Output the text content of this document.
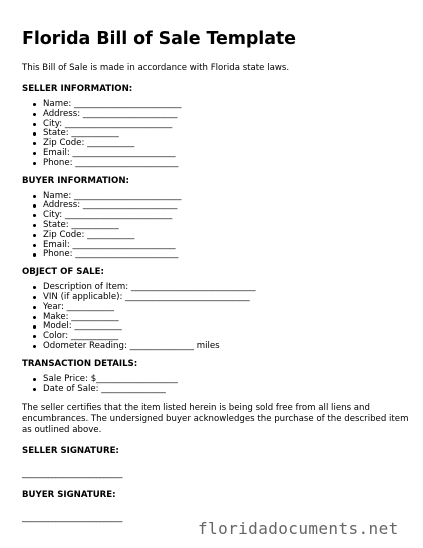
Florida Bill of Sale Template
This Bill of Sale is made in accordance with Florida state laws.
SELLER INFORMATION:
Name: _________________________
Address: ______________________
City: _________________________
State: ___________
Zip Code: ___________
Email: ________________________
Phone: ________________________
BUYER INFORMATION:
Name: _________________________
Address: ______________________
City: _________________________
State: ___________
Zip Code: ___________
Email: ________________________
Phone: ________________________
OBJECT OF SALE:
Description of Item: _____________________________
VIN (if applicable): _____________________________
Year: ___________
Make: ___________
Model: ___________
Color: ___________
Odometer Reading: _______________ miles
TRANSACTION DETAILS:
Sale Price: $___________________
Date of Sale: _______________
The seller certifies that the item listed herein is being sold free from all liens and encumbrances. The undersigned buyer acknowledges the purchase of the described item as outlined above.
SELLER SIGNATURE:
___________________________
BUYER SIGNATURE:
___________________________
floridadocuments.net
